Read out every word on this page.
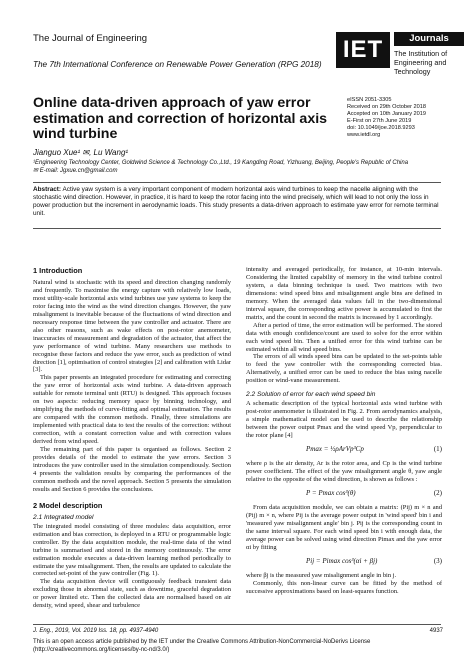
The Journal of Engineering
The 7th International Conference on Renewable Power Generation (RPG 2018)
IET	Journals
The Institution of
Engineering and Technology
Online data-driven approach of yaw error estimation and correction of horizontal axis wind turbine
eISSN 2051-3305
Received on 29th October 2018
Accepted on 10th January 2019
E-First on 27th June 2019
doi: 10.1049/joe.2018.9293
www.ietdl.org
Jianguo Xue¹ ✉, Lu Wang¹
¹Engineering Technology Center, Goldwind Science & Technology Co.,Ltd., 19 Kangding Road, Yizhuang, Beijing, People's Republic of China
✉ E-mail: Jgxue.cn@gmail.com
Abstract: Active yaw system is a very important component of modern horizontal axis wind turbines to keep the nacelle aligning with the stochastic wind direction. However, in practice, it is hard to keep the rotor facing into the wind precisely, which will lead to not only the loss in power production but the increment in aerodynamic loads. This study presents a data-driven approach to estimate yaw error for remote terminal unit.
1 Introduction

Natural wind is stochastic with its speed and direction changing randomly and frequently. To maximise the energy capture with relatively low loads, most utility-scale horizontal axis wind turbines use yaw systems to keep the rotor facing into the wind as the wind direction changes. However, the yaw misalignment is inevitable because of the fluctuations of wind direction and necessary response time between the yaw controller and actuator. There are also other reasons, such as wake effects on post-rotor anemometer, inaccuracies of measurement and degradation of the actuator, that affect the yaw performance of wind turbine. Many researchers use methods to recognise these factors and reduce the yaw error, such as prediction of wind direction [1], optimisation of control strategies [2] and calibration with Lidar [3].

This paper presents an integrated procedure for estimating and correcting the yaw error of horizontal axis wind turbine. A data-driven approach suitable for remote terminal unit (RTU) is designed. This approach focuses on two aspects: reducing memory space by binning technology, and simplifying the methods of curve-fitting and optimal estimation. The results are compared with the common methods. Finally, three simulations are implemented with practical data to test the results of the correction: without correction, with a constant correction value and with correction values derived from wind speed.

The remaining part of this paper is organised as follows. Section 2 provides details of the model to estimate the yaw errors. Section 3 introduces the yaw controller used in the simulation compendiously. Section 4 presents the validation results by comparing the performances of the common methods and the novel approach. Section 5 presents the simulation results and Section 6 provides the conclusions.

2 Model description
2.1 Integrated model

The integrated model consisting of three modules: data acquisition, error estimation and bias correction, is deployed in a RTU or programmable logic controller. By the data acquisition module, the real-time data of the wind turbine is summarised and stored in the memory continuously. The error estimation module executes a data-driven learning method periodically to estimate the yaw misalignment. Then, the results are updated to calculate the corrected set-point of the yaw controller (Fig. 1).

The data acquisition device will contiguously feedback transient data excluding those in abnormal state, such as downtime, graceful degradation or power limited etc. Then the collected data are normalised based on air density, wind speed, shear and turbulence

intensity and averaged periodically, for instance, at 10-min intervals. Considering the limited capability of memory in the wind turbine control system, a data binning technique is used. Two matrices with two dimensions: wind speed bins and misalignment angle bins are defined in memory. When the averaged data values fall in the two-dimensional interval square, the corresponding active power is accumulated to first the matrix, and the count in second the matrix is increased by 1 accordingly.

After a period of time, the error estimation will be performed. The stored data with enough confidence/count are used to solve for the error within each wind speed bin. Then a unified error for this wind turbine can be estimated within all wind speed bins.

The errors of all winds speed bins can be updated to the set-points table to feed the yaw controller with the corresponding corrected bias. Alternatively, a unified error can be used to reduce the bias using nacelle position or wind-vane measurement.

2.2 Solution of error for each wind speed bin

A schematic description of the typical horizontal axis wind turbine with post-rotor anemometer is illustrated in Fig. 2. From aerodynamics analysis, a simple mathematical model can be used to describe the relationship between the power output Pmax and the wind speed Vp, perpendicular to the rotor plane [4]

Pmax = ½ρArVp³Cp	(1)

where ρ is the air density, Ar is the rotor area, and Cp is the wind turbine power coefficient. The effect of the yaw misalignment angle θ, yaw angle relative to the opposite of the wind direction, is shown as follows :

P = Pmax cos³(θ)	(2)

From data acquisition module, we can obtain a matrix: (Pij) m × n and (Pij) m × n, where Pij is the average power output in 'wind speed' bin i and 'measured yaw misalignment angle' bin j. Pij is the corresponding count in the same interval square. For each wind speed bin i with enough data, the average power can be solved using wind direction Pimax and the yaw error αi by fitting

Pij = Pimax cos³(αi + βj)	(3)

where βj is the measured yaw misalignment angle in bin j.

Commonly, this non-linear curve can be fitted by the method of successive approximations based on least-squares function.

J. Eng., 2019, Vol. 2019 Iss. 18, pp. 4937-4940	4937
This is an open access article published by the IET under the Creative Commons Attribution-NonCommercial-NoDerivs License (http://creativecommons.org/licenses/by-nc-nd/3.0/)
